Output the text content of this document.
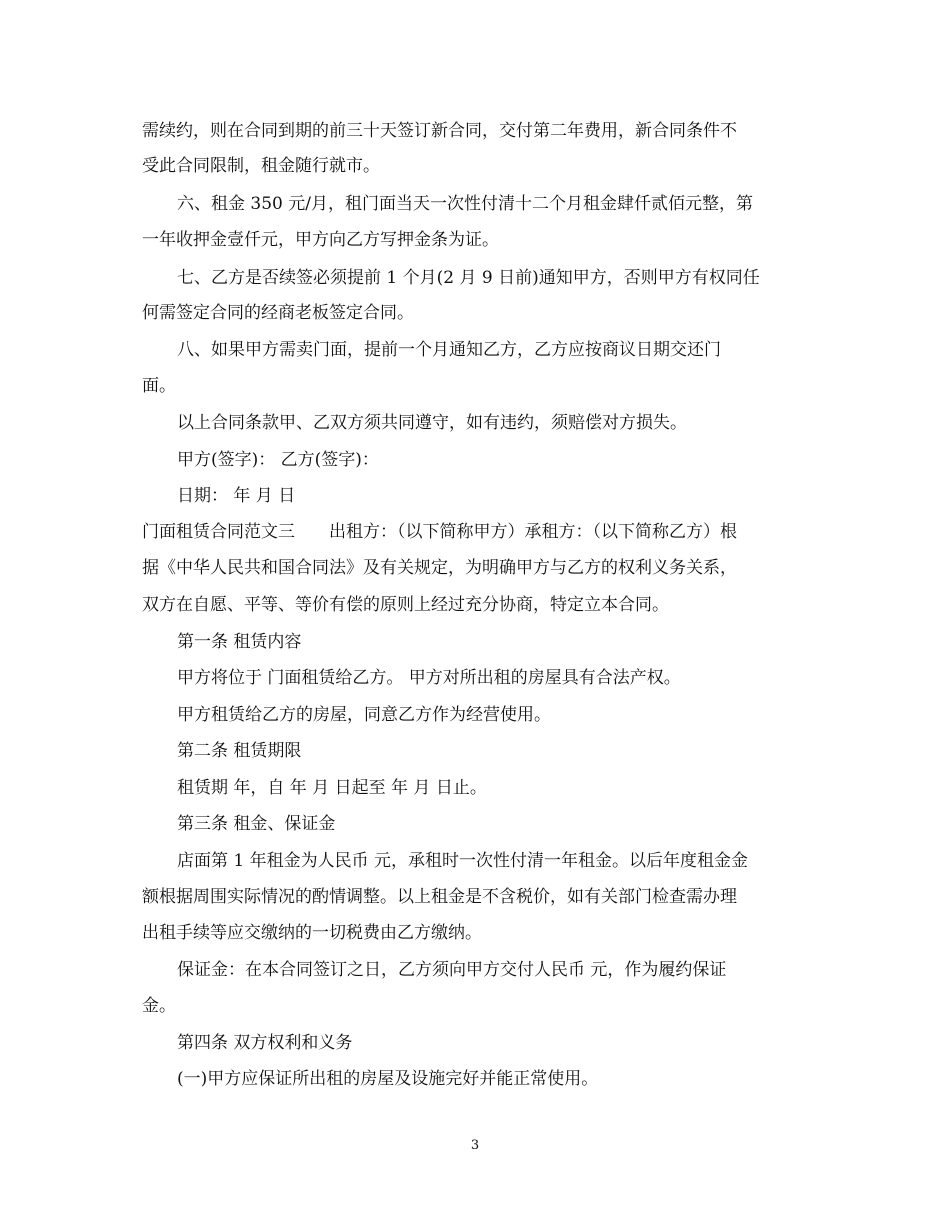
需续约，则在合同到期的前三十天签订新合同，交付第二年费用，新合同条件不
受此合同限制，租金随行就市。
六、租金 350 元/月，租门面当天一次性付清十二个月租金肆仟贰佰元整，第
一年收押金壹仟元，甲方向乙方写押金条为证。
七、乙方是否续签必须提前 1 个月(2 月 9 日前)通知甲方，否则甲方有权同任
何需签定合同的经商老板签定合同。
八、如果甲方需卖门面，提前一个月通知乙方，乙方应按商议日期交还门
面。
以上合同条款甲、乙双方须共同遵守，如有违约，须赔偿对方损失。
甲方(签字)： 乙方(签字)：
日期： 年 月 日
门面租赁合同范文三　　出租方：（以下简称甲方）承租方：（以下简称乙方）根
据《中华人民共和国合同法》及有关规定，为明确甲方与乙方的权利义务关系，
双方在自愿、平等、等价有偿的原则上经过充分协商，特定立本合同。
第一条 租赁内容
甲方将位于 门面租赁给乙方。 甲方对所出租的房屋具有合法产权。
甲方租赁给乙方的房屋，同意乙方作为经营使用。
第二条 租赁期限
租赁期 年，自 年 月 日起至 年 月 日止。
第三条 租金、保证金
店面第 1 年租金为人民币 元，承租时一次性付清一年租金。以后年度租金金
额根据周围实际情况的酌情调整。以上租金是不含税价，如有关部门检查需办理
出租手续等应交缴纳的一切税费由乙方缴纳。
保证金：在本合同签订之日，乙方须向甲方交付人民币 元，作为履约保证
金。
第四条 双方权利和义务
(一)甲方应保证所出租的房屋及设施完好并能正常使用。
3
